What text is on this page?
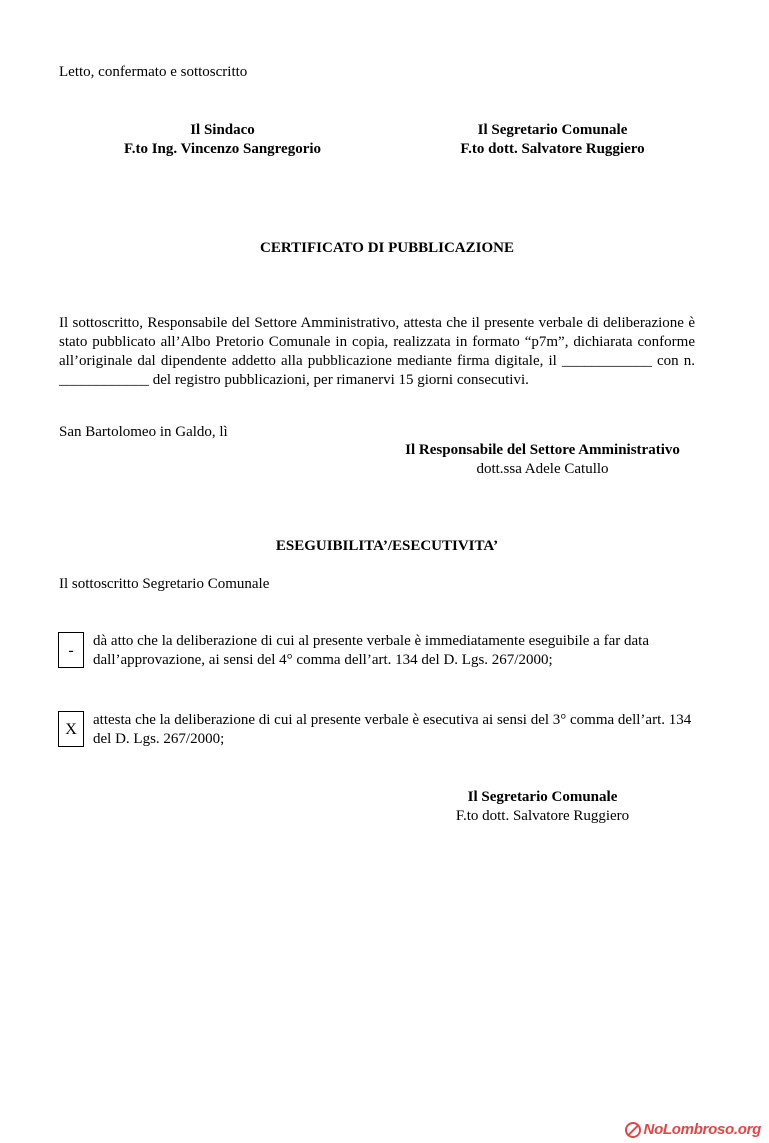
Letto, confermato e sottoscritto
Il Sindaco
F.to Ing. Vincenzo Sangregorio
Il Segretario Comunale
F.to dott. Salvatore Ruggiero
CERTIFICATO DI PUBBLICAZIONE
Il sottoscritto, Responsabile del Settore Amministrativo, attesta che il presente verbale di deliberazione è stato pubblicato all’Albo Pretorio Comunale in copia, realizzata in formato “p7m”, dichiarata conforme all’originale dal dipendente addetto alla pubblicazione mediante firma digitale, il ____________ con n. ____________ del registro pubblicazioni, per rimanervi 15 giorni consecutivi.
San Bartolomeo in Galdo, lì
Il Responsabile del Settore Amministrativo
dott.ssa Adele Catullo
ESEGUIBILITA’/ESECUTIVITA’
Il sottoscritto Segretario Comunale
-
dà atto che la deliberazione di cui al presente verbale è immediatamente eseguibile a far data dall’approvazione, ai sensi del 4° comma dell’art. 134 del D. Lgs. 267/2000;
X
attesta che la deliberazione di cui al presente verbale è esecutiva ai sensi del 3° comma dell’art. 134 del D. Lgs. 267/2000;
Il Segretario Comunale
F.to dott. Salvatore Ruggiero
NoLombroso.org
